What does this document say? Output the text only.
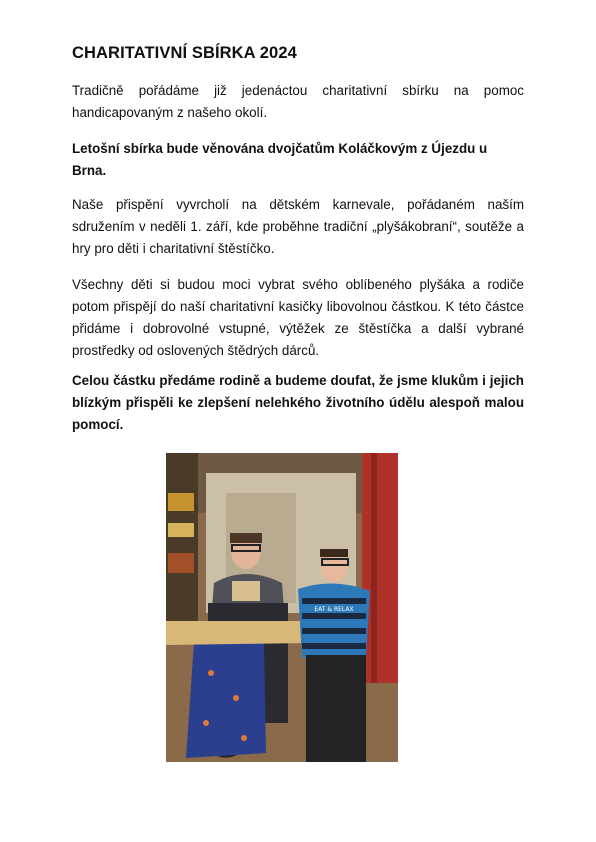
CHARITATIVNÍ SBÍRKA 2024
Tradičně pořádáme již jedenáctou charitativní sbírku na pomoc handicapovaným z našeho okolí.
Letošní sbírka bude věnována dvojčatům Koláčkovým z Újezdu u Brna.
Naše přispění vyvrcholí na dětském karnevale, pořádaném naším sdružením v neděli 1. září, kde proběhne tradiční „plyšákobraní“, soutěže a hry pro děti i charitativní štěstíčko.
Všechny děti si budou moci vybrat svého oblíbeného plyšáka a rodiče potom přispějí do naší charitativní kasičky libovolnou částkou. K této částce přidáme i dobrovolné vstupné, výtěžek ze štěstíčka a další vybrané prostředky od oslovených štědrých dárců.
Celou částku předáme rodině a budeme doufat, že jsme klukům i jejich blízkým přispěli ke zlepšení nelehkého životního údělu alespoň malou pomocí.
EAT & RELAX
